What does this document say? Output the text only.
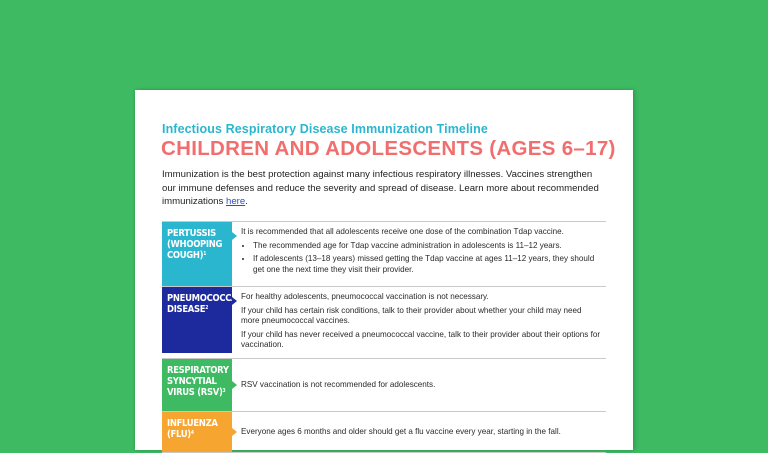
Infectious Respiratory Disease Immunization Timeline
CHILDREN AND ADOLESCENTS (AGES 6–17)
Immunization is the best protection against many infectious respiratory illnesses. Vaccines strengthen our immune defenses and reduce the severity and spread of disease. Learn more about recommended immunizations here.
PERTUSSIS (WHOOPING COUGH)$^1$

It is recommended that all adolescents receive one dose of the combination Tdap vaccine.

• The recommended age for Tdap vaccine administration in adolescents is 11–12 years.
• If adolescents (13–18 years) missed getting the Tdap vaccine at ages 11–12 years, they should get one the next time they visit their provider.
PNEUMOCOCCAL DISEASE$^2$

For healthy adolescents, pneumococcal vaccination is not necessary.

If your child has certain risk conditions, talk to their provider about whether your child may need more pneumococcal vaccines.

If your child has never received a pneumococcal vaccine, talk to their provider about their options for vaccination.

RESPIRATORY SYNCYTIAL VIRUS (RSV)$^3$
RSV vaccination is not recommended for adolescents.
INFLUENZA (FLU)$^4$	Everyone ages 6 months and older should get a flu vaccine every year, starting in the fall.
